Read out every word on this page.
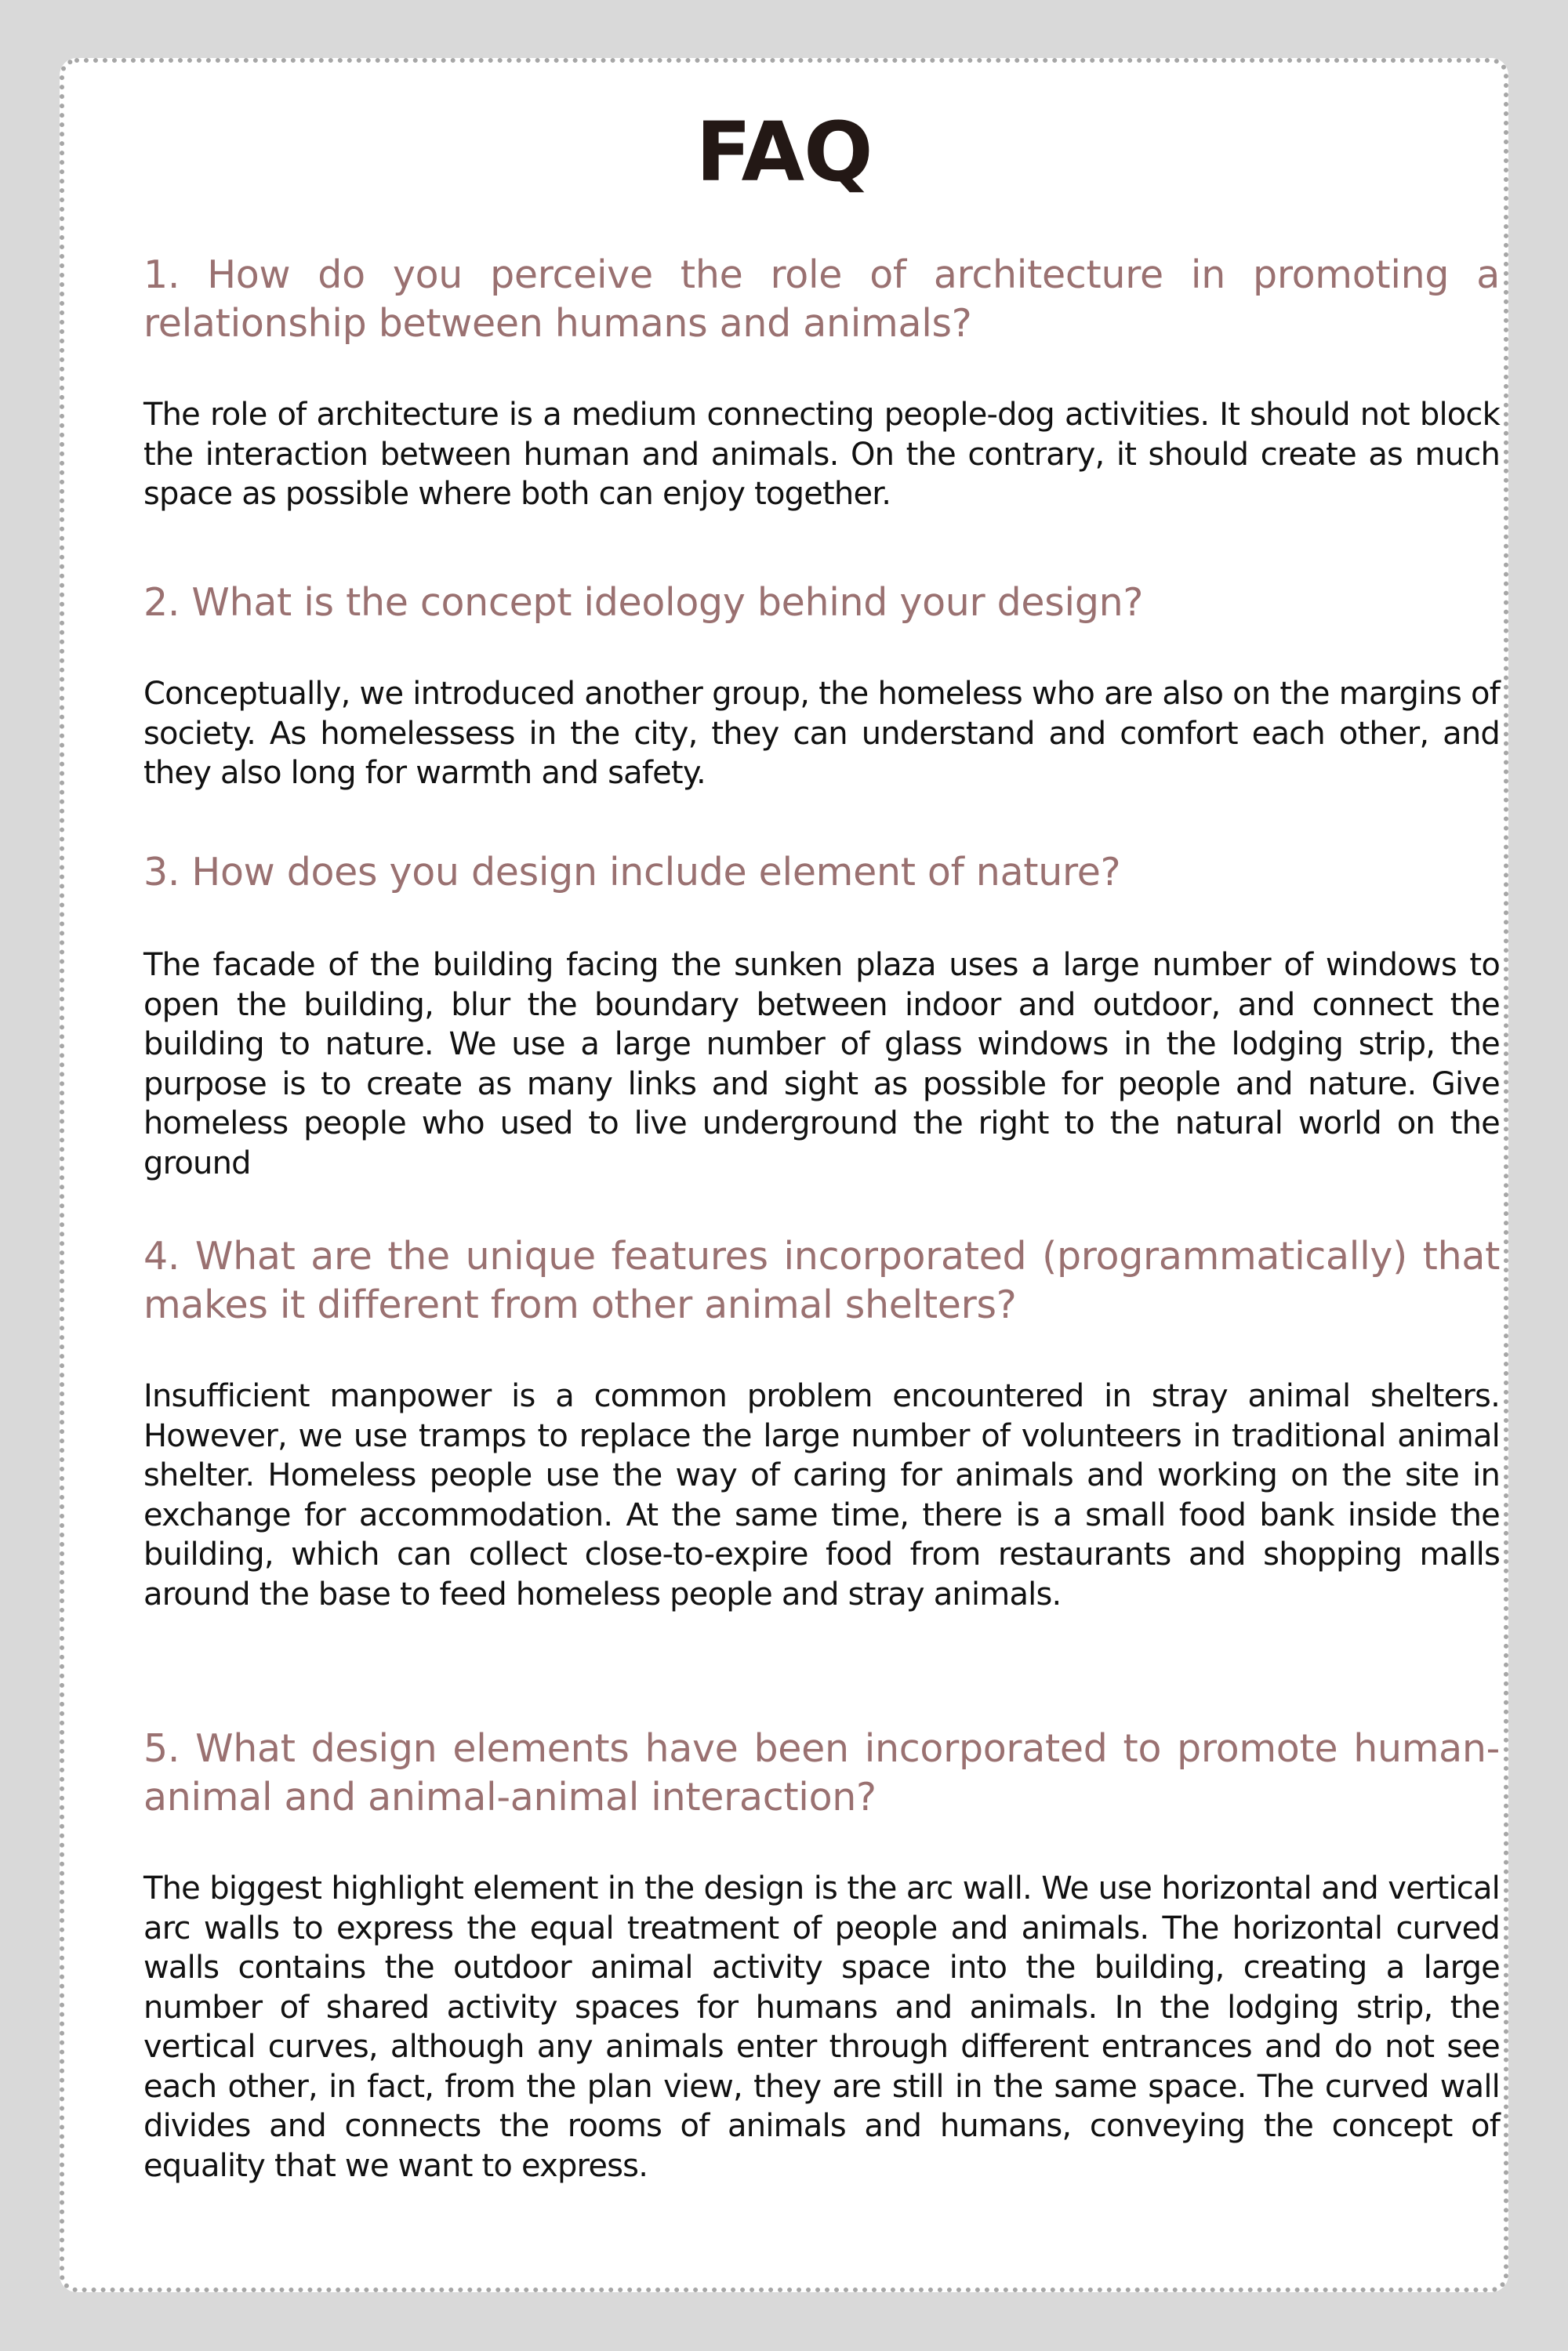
FAQ
1. How do you perceive the role of architecture in promoting a relationship between humans and animals?

The role of architecture is a medium connecting people-dog activities. It should not block the interaction between human and animals. On the contrary, it should create as much space as possible where both can enjoy together.

2. What is the concept ideology behind your design?

Conceptually, we introduced another group, the homeless who are also on the margins of society. As homelessess in the city, they can understand and comfort each other, and they also long for warmth and safety.

3. How does you design include element of nature?

The facade of the building facing the sunken plaza uses a large number of windows to open the building, blur the boundary between indoor and outdoor, and connect the building to nature. We use a large number of glass windows in the lodging strip, the purpose is to create as many links and sight as possible for people and nature. Give homeless people who used to live underground the right to the natural world on the ground

4. What are the unique features incorporated (programmatically) that makes it different from other animal shelters?

Insufficient manpower is a common problem encountered in stray animal shelters. However, we use tramps to replace the large number of volunteers in traditional animal shelter. Homeless people use the way of caring for animals and working on the site in exchange for accommodation. At the same time, there is a small food bank inside the building, which can collect close-to-expire food from restaurants and shopping malls around the base to feed homeless people and stray animals.

5. What design elements have been incorporated to promote human-animal and animal-animal interaction?

The biggest highlight element in the design is the arc wall. We use horizontal and vertical arc walls to express the equal treatment of people and animals. The horizontal curved walls contains the outdoor animal activity space into the building, creating a large number of shared activity spaces for humans and animals. In the lodging strip, the vertical curves, although any animals enter through different entrances and do not see each other, in fact, from the plan view, they are still in the same space. The curved wall divides and connects the rooms of animals and humans, conveying the concept of equality that we want to express.
